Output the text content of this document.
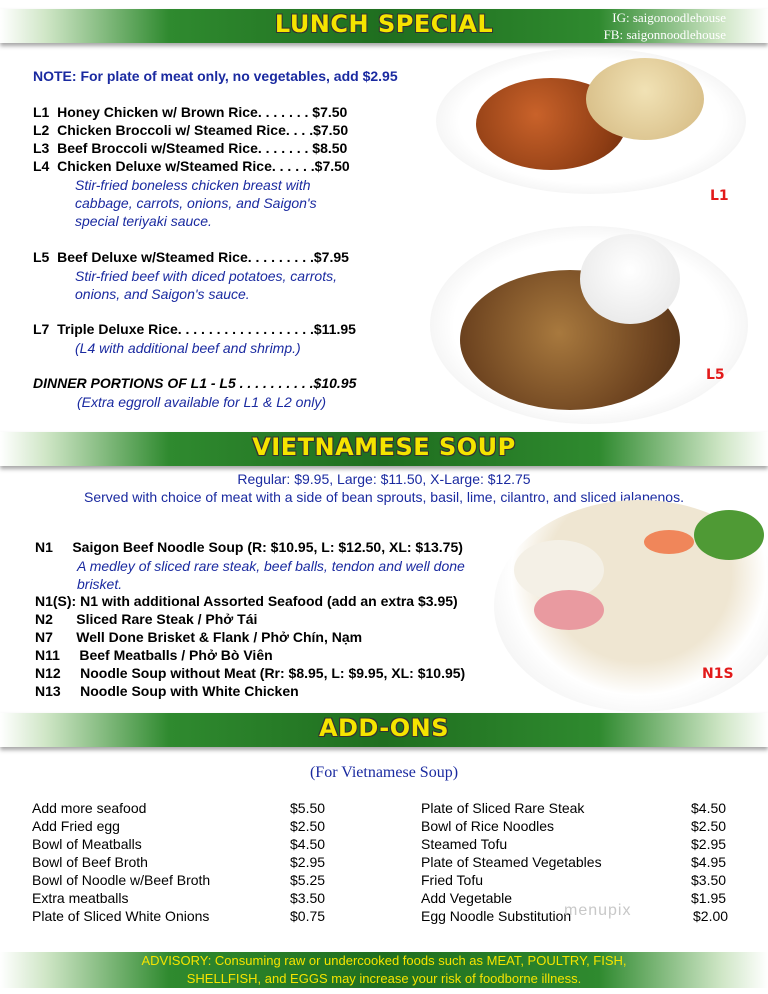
LUNCH SPECIAL	IG: saigonoodlehouse
FB: saigonnoodlehouse
NOTE: For plate of meat only, no vegetables, add $2.95
L1  Honey Chicken w/ Brown Rice. . . . . . . $7.50
L2  Chicken Broccoli w/ Steamed Rice. . . .$7.50
L3  Beef Broccoli w/Steamed Rice. . . . . . . $8.50
L4  Chicken Deluxe w/Steamed Rice. . . . . .$7.50
Stir-fried boneless chicken breast with cabbage, carrots, onions, and Saigon's special teriyaki sauce.
L5  Beef Deluxe w/Steamed Rice. . . . . . . . .$7.95
Stir-fried beef with diced potatoes, carrots, onions, and Saigon's sauce.
L7  Triple Deluxe Rice. . . . . . . . . . . . . . . . . .$11.95
(L4 with additional beef and shrimp.)
DINNER PORTIONS OF L1 - L5 . . . . . . . . . .$10.95
(Extra eggroll available for L1 & L2 only)
L1
L5
VIETNAMESE SOUP
Regular: $9.95, Large: $11.50, X-Large: $12.75
Served with choice of meat with a side of bean sprouts, basil, lime, cilantro, and sliced jalapenos.
N1S
N1     Saigon Beef Noodle Soup (R: $10.95, L: $12.50, XL: $13.75)
A medley of sliced rare steak, beef balls, tendon and well done brisket.
N1(S): N1 with additional Assorted Seafood (add an extra $3.95)
N2      Sliced Rare Steak / Phở Tái
N7      Well Done Brisket & Flank / Phở Chín, Nạm
N11     Beef Meatballs / Phở Bò Viên
N12     Noodle Soup without Meat (Rr: $8.95, L: $9.95, XL: $10.95)
N13     Noodle Soup with White Chicken
ADD-ONS
(For Vietnamese Soup)
Add more seafood	$5.50
Add Fried egg	$2.50
Bowl of Meatballs	$4.50
Bowl of Beef Broth	$2.95
Bowl of Noodle w/Beef Broth	$5.25
Extra meatballs	$3.50
Plate of Sliced White Onions	$0.75
Plate of Sliced Rare Steak	$4.50
Bowl of Rice Noodles	$2.50
Steamed Tofu	$2.95
Plate of Steamed Vegetables	$4.95
Fried Tofu	$3.50
Add Vegetable	$1.95
Egg Noodle Substitution	$2.00
menupix
ADVISORY: Consuming raw or undercooked foods such as MEAT, POULTRY, FISH,
SHELLFISH, and EGGS may increase your risk of foodborne illness.
